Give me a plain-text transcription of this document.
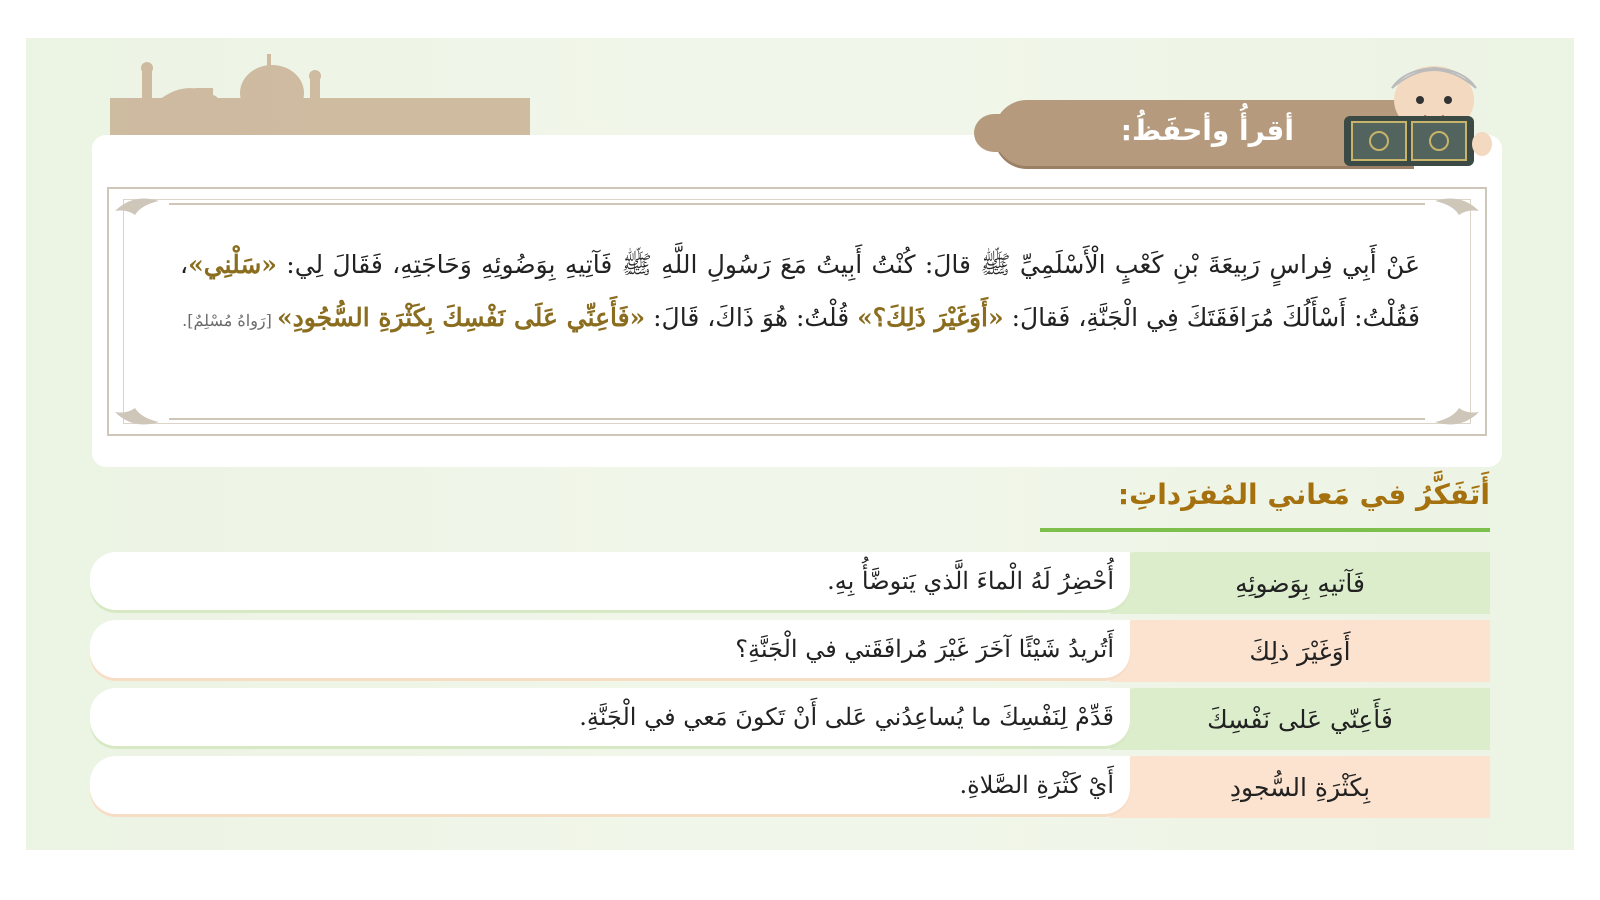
عَنْ أَبِي فِراسٍ رَبِيعَةَ بْنِ كَعْبٍ الْأَسْلَمِيِّ ﷺ قالَ: كُنْتُ أَبِيتُ مَعَ رَسُولِ اللَّهِ ﷺ فَآتِيهِ بِوَضُوئِهِ وَحَاجَتِهِ، فَقَالَ لِي: «سَلْنِي»، فَقُلْتُ: أَسْأَلُكَ مُرَافَقَتَكَ فِي الْجَنَّةِ، فَقالَ: «أَوَغَيْرَ ذَلِكَ؟» قُلْتُ: هُوَ ذَاكَ، قَالَ: «فَأَعِنِّي عَلَى نَفْسِكَ بِكَثْرَةِ السُّجُودِ» [رَواهُ مُسْلِمٌ].
أقرأُ وأحفَظُ:
أَتَفَكَّرُ في مَعاني المُفرَداتِ:
فَآتيهِ بِوَضوئِهِ
أُحْضِرُ لَهُ الْماءَ الَّذي يَتوضَّأُ بِهِ.
أَوَغَيْرَ ذلِكَ
أَتُريدُ شَيْئًا آخَرَ غَيْرَ مُرافَقَتي في الْجَنَّةِ؟
فَأَعِنّي عَلى نَفْسِكَ
قَدِّمْ لِنَفْسِكَ ما يُساعِدُني عَلى أَنْ تَكونَ مَعي في الْجَنَّةِ.
بِكَثْرَةِ السُّجودِ
أَيْ كَثْرَةِ الصَّلاةِ.
